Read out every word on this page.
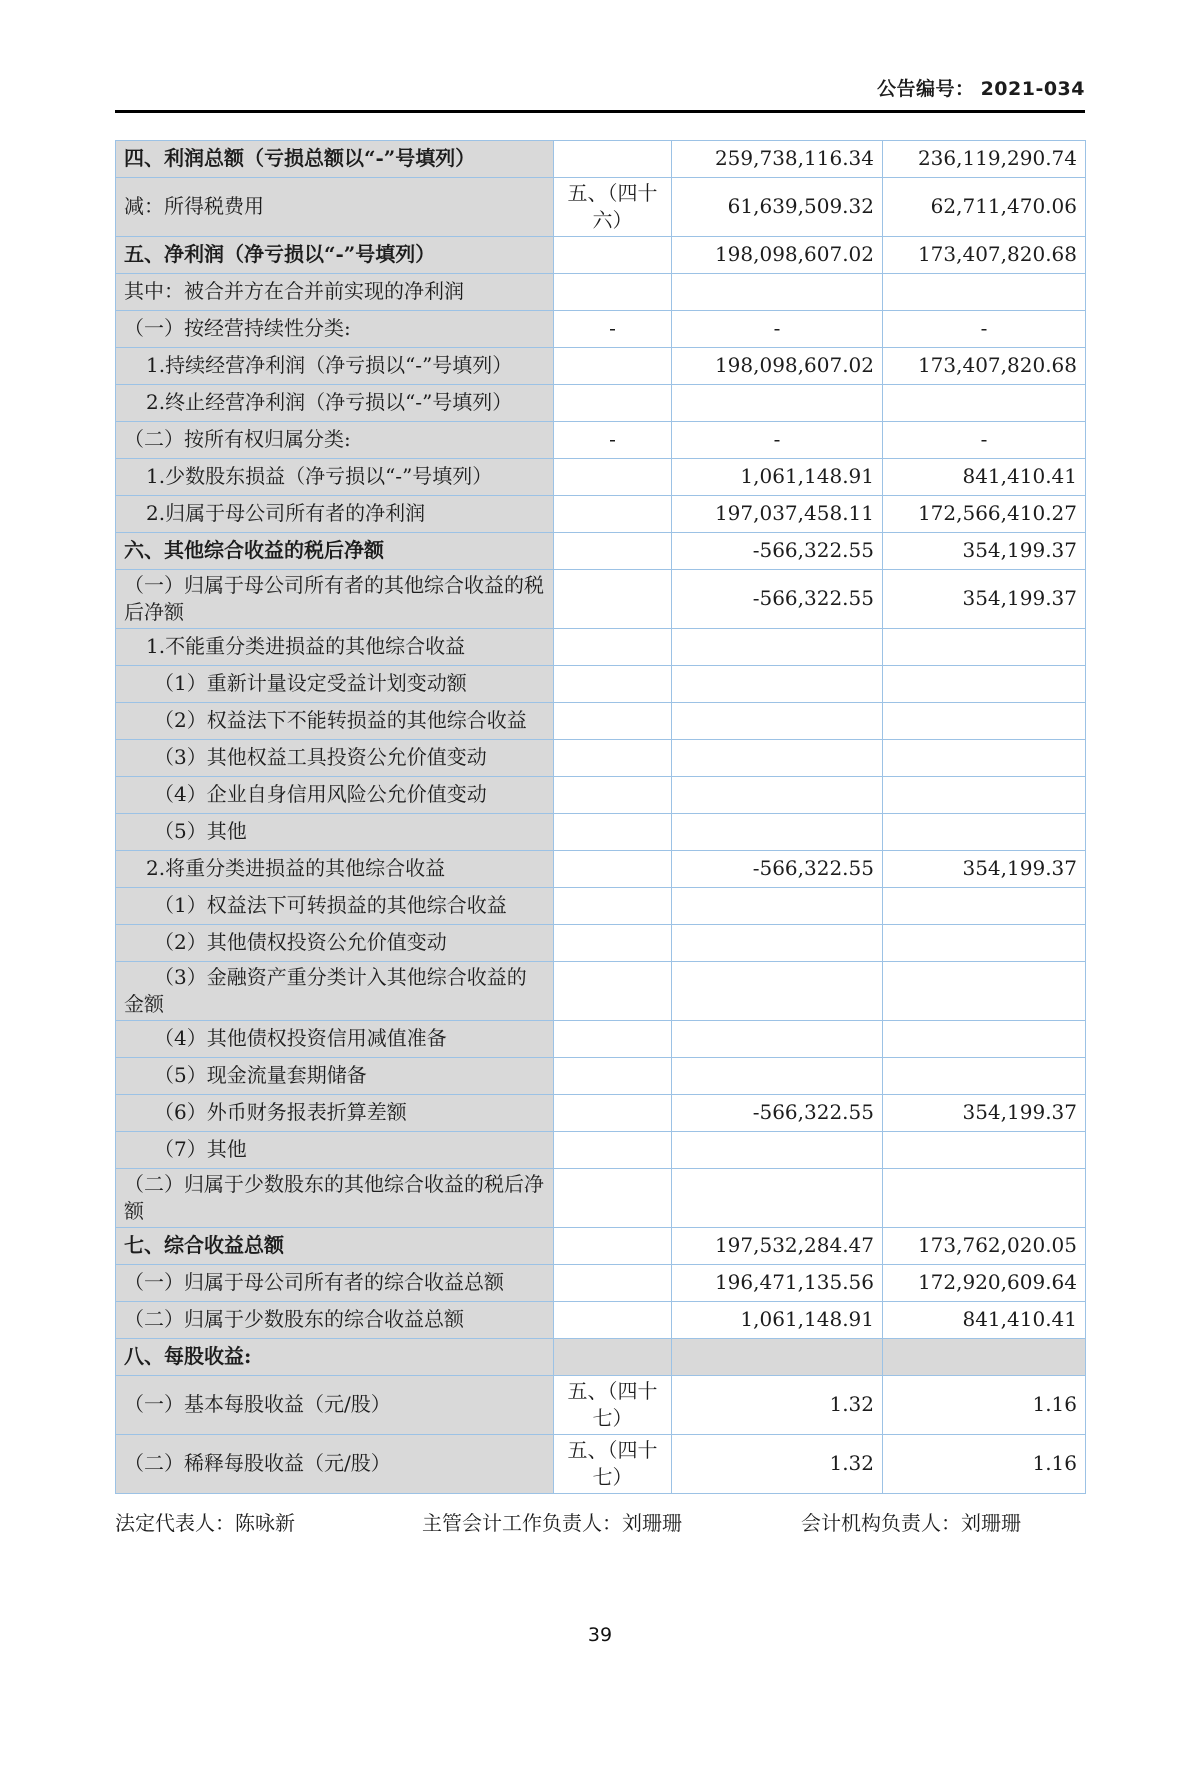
公告编号： 2021-034
四、利润总额（亏损总额以“-”号填列）		259,738,116.34	236,119,290.74
减：所得税费用	五、（四十六）	61,639,509.32	62,711,470.06
五、净利润（净亏损以“-”号填列）		198,098,607.02	173,407,820.68
其中：被合并方在合并前实现的净利润			
（一）按经营持续性分类:	-	-	-
1.持续经营净利润（净亏损以“-”号填列）		198,098,607.02	173,407,820.68
2.终止经营净利润（净亏损以“-”号填列）			
（二）按所有权归属分类:	-	-	-
1.少数股东损益（净亏损以“-”号填列）		1,061,148.91	841,410.41
2.归属于母公司所有者的净利润		197,037,458.11	172,566,410.27
六、其他综合收益的税后净额		-566,322.55	354,199.37
（一）归属于母公司所有者的其他综合收益的税后净额		-566,322.55	354,199.37
1.不能重分类进损益的其他综合收益			
（1）重新计量设定受益计划变动额			
（2）权益法下不能转损益的其他综合收益			
（3）其他权益工具投资公允价值变动			
（4）企业自身信用风险公允价值变动			
（5）其他			
2.将重分类进损益的其他综合收益		-566,322.55	354,199.37
（1）权益法下可转损益的其他综合收益			
（2）其他债权投资公允价值变动			
（3）金融资产重分类计入其他综合收益的金额			
（4）其他债权投资信用减值准备			
（5）现金流量套期储备			
（6）外币财务报表折算差额		-566,322.55	354,199.37
（7）其他			
（二）归属于少数股东的其他综合收益的税后净额			
七、综合收益总额		197,532,284.47	173,762,020.05
（一）归属于母公司所有者的综合收益总额		196,471,135.56	172,920,609.64
（二）归属于少数股东的综合收益总额		1,061,148.91	841,410.41
八、每股收益:			
（一）基本每股收益（元/股）	五、（四十七）	1.32	1.16
（二）稀释每股收益（元/股）	五、（四十七）	1.32	1.16
法定代表人：陈咏新	主管会计工作负责人：刘珊珊	会计机构负责人：刘珊珊
39
